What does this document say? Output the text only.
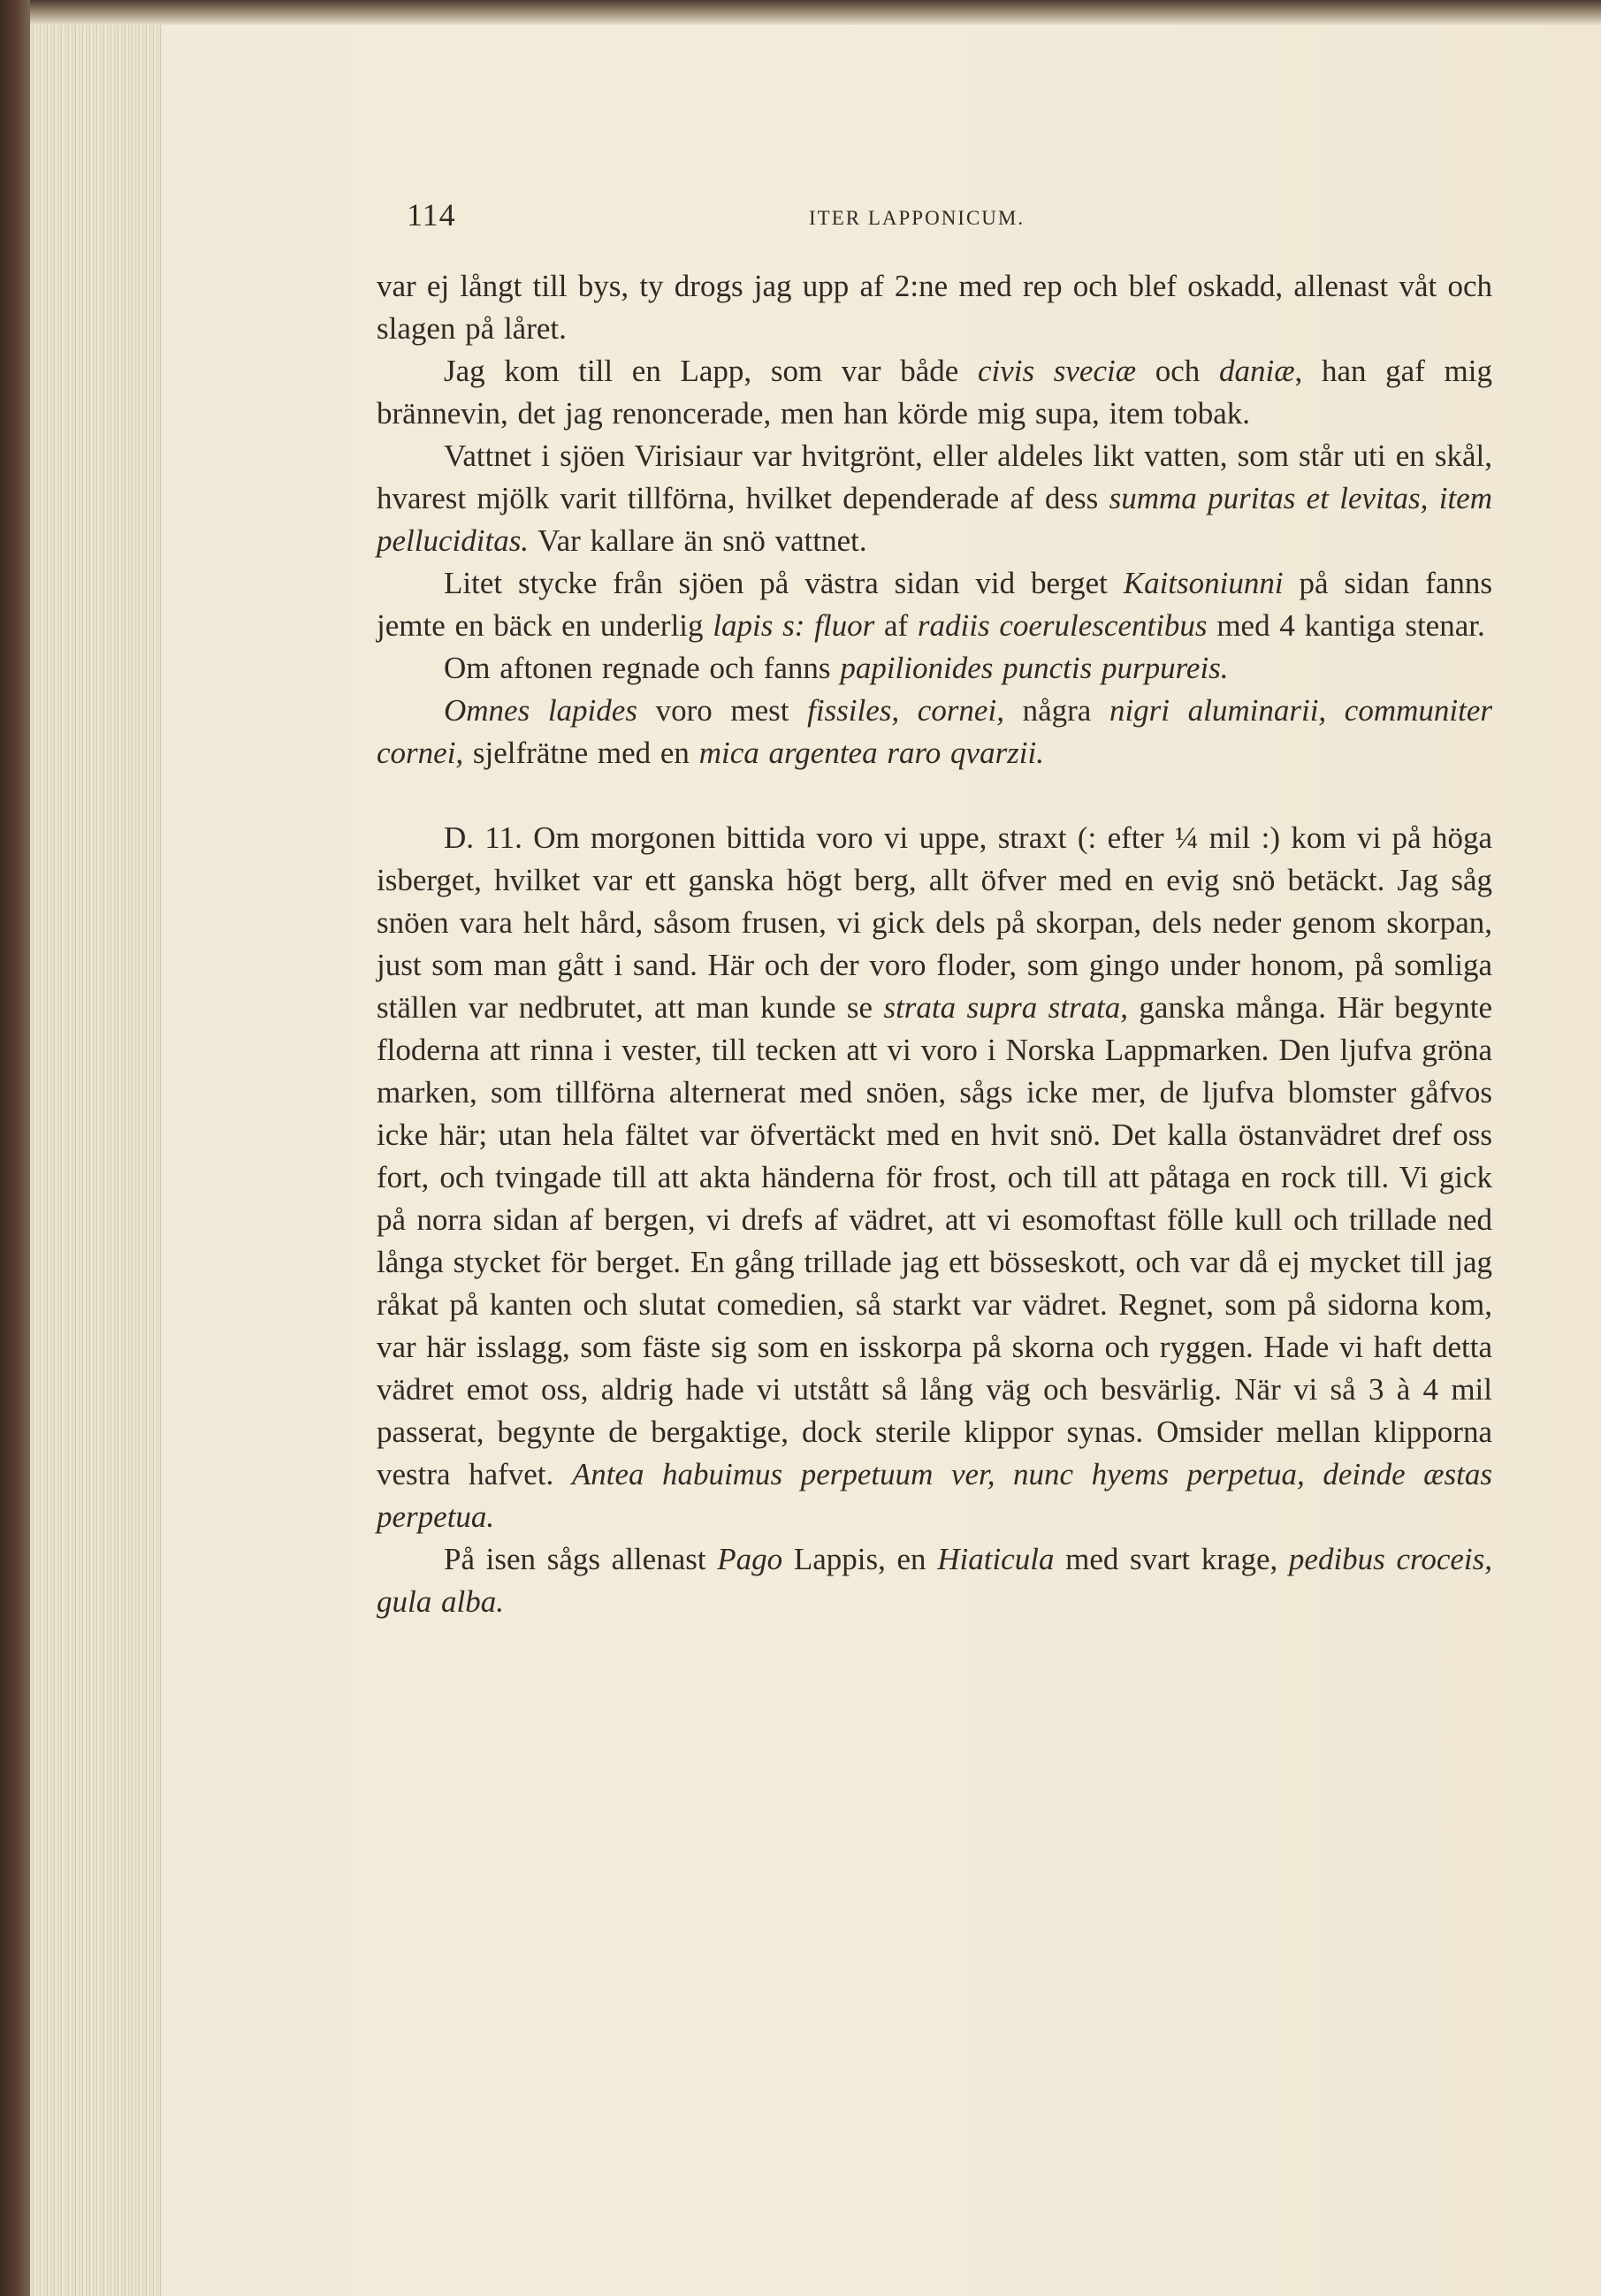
114	ITER LAPPONICUM.

var ej långt till bys, ty drogs jag upp af 2:ne med rep och blef oskadd, allenast våt och slagen på låret.

Jag kom till en Lapp, som var både civis sveciæ och daniæ, han gaf mig brännevin, det jag renoncerade, men han körde mig supa, item tobak.

Vattnet i sjöen Virisiaur var hvitgrönt, eller aldeles likt vatten, som står uti en skål, hvarest mjölk varit tillförna, hvilket dependerade af dess summa puritas et levitas, item pelluciditas. Var kallare än snö vattnet.

Litet stycke från sjöen på västra sidan vid berget Kaitsoniunni på sidan fanns jemte en bäck en underlig lapis s: fluor af radiis coerulescentibus med 4 kantiga stenar.

Om aftonen regnade och fanns papilionides punctis purpureis.

Omnes lapides voro mest fissiles, cornei, några nigri aluminarii, communiter cornei, sjelfrätne med en mica argentea raro qvarzii.

D. 11. Om morgonen bittida voro vi uppe, straxt (: efter ¼ mil :) kom vi på höga isberget, hvilket var ett ganska högt berg, allt öfver med en evig snö betäckt. Jag såg snöen vara helt hård, såsom frusen, vi gick dels på skorpan, dels neder genom skorpan, just som man gått i sand. Här och der voro floder, som gingo under honom, på somliga ställen var nedbrutet, att man kunde se strata supra strata, ganska många. Här begynte floderna att rinna i vester, till tecken att vi voro i Norska Lappmarken. Den ljufva gröna marken, som tillförna alternerat med snöen, sågs icke mer, de ljufva blomster gåfvos icke här; utan hela fältet var öfvertäckt med en hvit snö. Det kalla östanvädret dref oss fort, och tvingade till att akta händerna för frost, och till att påtaga en rock till. Vi gick på norra sidan af bergen, vi drefs af vädret, att vi esomoftast fölle kull och trillade ned långa stycket för berget. En gång trillade jag ett bösseskott, och var då ej mycket till jag råkat på kanten och slutat comedien, så starkt var vädret. Regnet, som på sidorna kom, var här isslagg, som fäste sig som en isskorpa på skorna och ryggen. Hade vi haft detta vädret emot oss, aldrig hade vi utstått så lång väg och besvärlig. När vi så 3 à 4 mil passerat, begynte de bergaktige, dock sterile klippor synas. Omsider mellan klipporna vestra hafvet. Antea habuimus perpetuum ver, nunc hyems perpetua, deinde æstas perpetua.

På isen sågs allenast Pago Lappis, en Hiaticula med svart krage, pedibus croceis, gula alba.
